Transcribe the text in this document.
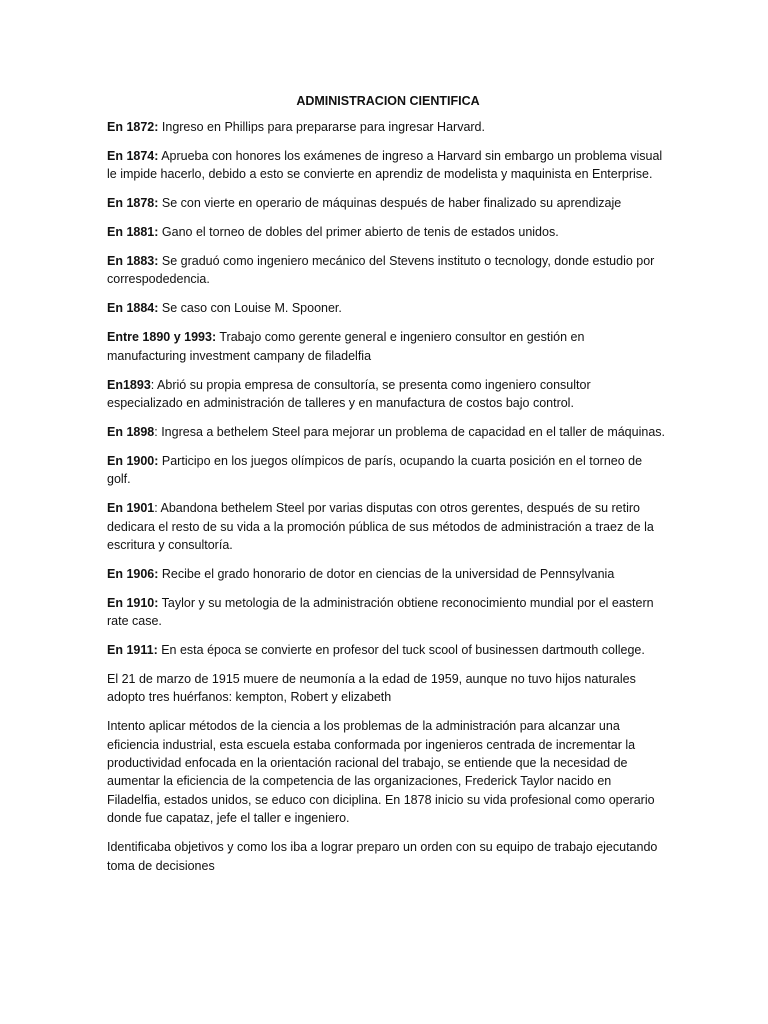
ADMINISTRACION CIENTIFICA

En 1872: Ingreso en Phillips para prepararse para ingresar Harvard.

En 1874: Aprueba con honores los exámenes de ingreso a Harvard sin embargo un problema visual le impide hacerlo, debido a esto se convierte en aprendiz de modelista y maquinista en Enterprise.

En 1878: Se con vierte en operario de máquinas después de haber finalizado su aprendizaje

En 1881: Gano el torneo de dobles del primer abierto de tenis de estados unidos.

En 1883: Se graduó como ingeniero mecánico del Stevens instituto o tecnology, donde estudio por correspodedencia.

En 1884: Se caso con Louise M. Spooner.

Entre 1890 y 1993: Trabajo como gerente general e ingeniero consultor en gestión en manufacturing investment campany de filadelfia

En1893: Abrió su propia empresa de consultoría, se presenta como ingeniero consultor especializado en administración de talleres y en manufactura de costos bajo control.

En 1898: Ingresa a bethelem Steel para mejorar un problema de capacidad en el taller de máquinas.

En 1900: Participo en los juegos olímpicos de parís, ocupando la cuarta posición en el torneo de golf.

En 1901: Abandona bethelem Steel por varias disputas con otros gerentes, después de su retiro dedicara el resto de su vida a la promoción pública de sus métodos de administración a traez de la escritura y consultoría.

En 1906: Recibe el grado honorario de dotor en ciencias de la universidad de Pennsylvania

En 1910: Taylor y su metologia de la administración obtiene reconocimiento mundial por el eastern rate case.

En 1911: En esta época se convierte en profesor del tuck scool of businessen dartmouth college.

El 21 de marzo de 1915 muere de neumonía a la edad de 1959, aunque no tuvo hijos naturales adopto tres huérfanos: kempton, Robert y elizabeth

Intento aplicar métodos de la ciencia a los problemas de la administración para alcanzar una eficiencia industrial, esta escuela estaba conformada por ingenieros centrada de incrementar la productividad enfocada en la orientación racional del trabajo, se entiende que la necesidad de aumentar la eficiencia de la competencia de las organizaciones, Frederick Taylor nacido en Filadelfia, estados unidos, se educo con diciplina. En 1878 inicio su vida profesional como operario donde fue capataz, jefe el taller e ingeniero.

Identificaba objetivos y como los iba a lograr preparo un orden con su equipo de trabajo ejecutando toma de decisiones
